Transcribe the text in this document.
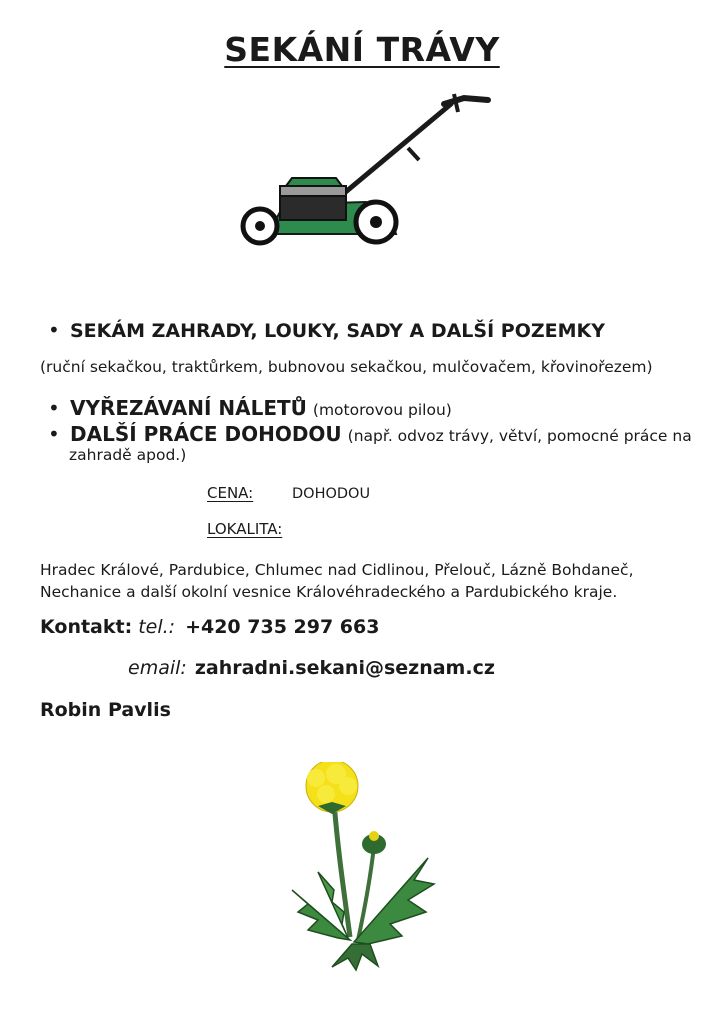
SEKÁNÍ TRÁVY
• SEKÁM ZAHRADY, LOUKY, SADY A DALŠÍ POZEMKY
(ruční sekačkou, traktůrkem, bubnovou sekačkou, mulčovačem, křovinořezem)
• VYŘEZÁVANÍ NÁLETŮ (motorovou pilou)
• DALŠÍ PRÁCE DOHODOU (např. odvoz trávy, větví, pomocné práce na
zahradě apod.)
CENA:	DOHODOU
LOKALITA:
Hradec Králové, Pardubice, Chlumec nad Cidlinou, Přelouč, Lázně Bohdaneč, Nechanice a další okolní vesnice Královéhradeckého a Pardubického kraje.
Kontakt: tel.: +420 735 297 663
email: zahradni.sekani@seznam.cz
Robin Pavlis
